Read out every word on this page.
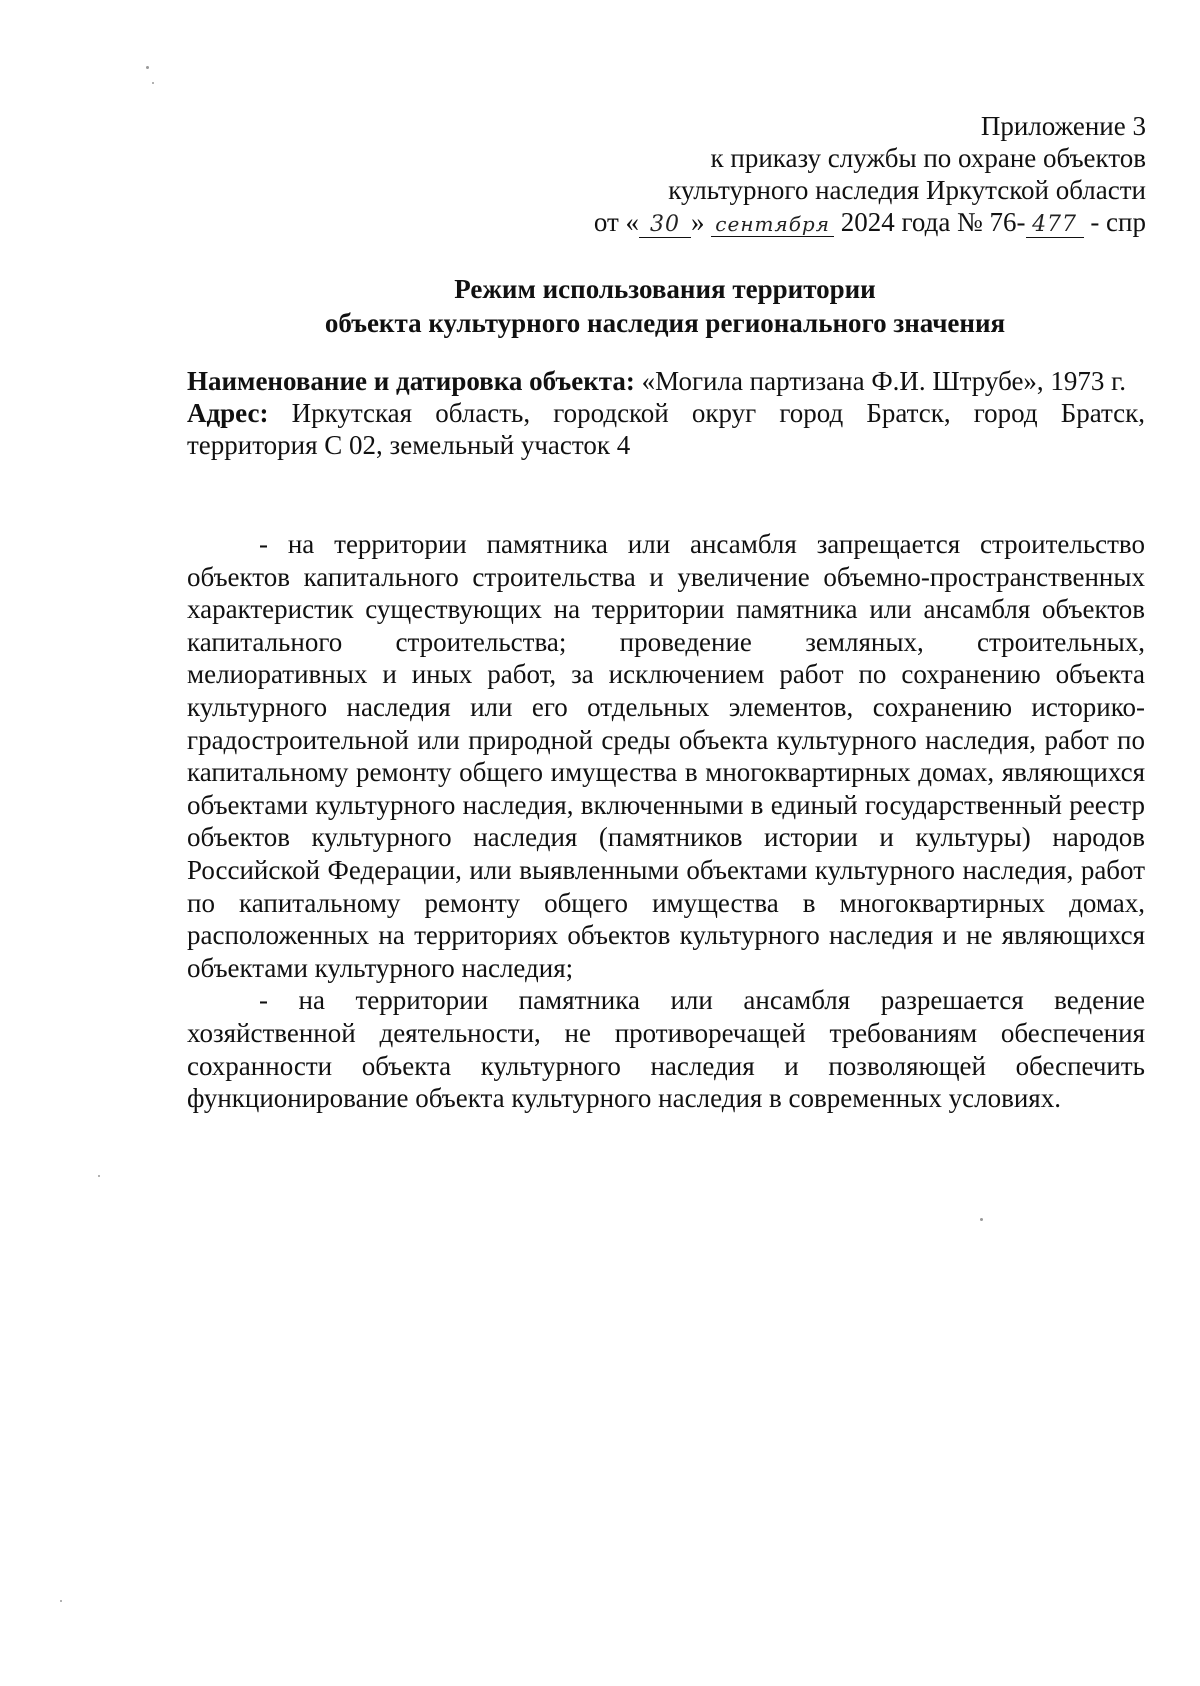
Приложение 3
к приказу службы по охране объектов
культурного наследия Иркутской области
от « 30 » сентября 2024 года № 76- 477 - спр
Режим использования территории
объекта культурного наследия регионального значения

Наименование и датировка объекта: «Могила партизана Ф.И. Штрубе», 1973 г.

Адрес: Иркутская область, городской округ город Братск, город Братск, территория С 02, земельный участок 4

- на территории памятника или ансамбля запрещается строительство объектов капитального строительства и увеличение объемно-пространственных характеристик существующих на территории памятника или ансамбля объектов капитального строительства; проведение земляных, строительных, мелиоративных и иных работ, за исключением работ по сохранению объекта культурного наследия или его отдельных элементов, сохранению историко-градостроительной или природной среды объекта культурного наследия, работ по капитальному ремонту общего имущества в многоквартирных домах, являющихся объектами культурного наследия, включенными в единый государственный реестр объектов культурного наследия (памятников истории и культуры) народов Российской Федерации, или выявленными объектами культурного наследия, работ по капитальному ремонту общего имущества в многоквартирных домах, расположенных на территориях объектов культурного наследия и не являющихся объектами культурного наследия;

- на территории памятника или ансамбля разрешается ведение хозяйственной деятельности, не противоречащей требованиям обеспечения сохранности объекта культурного наследия и позволяющей обеспечить функционирование объекта культурного наследия в современных условиях.
